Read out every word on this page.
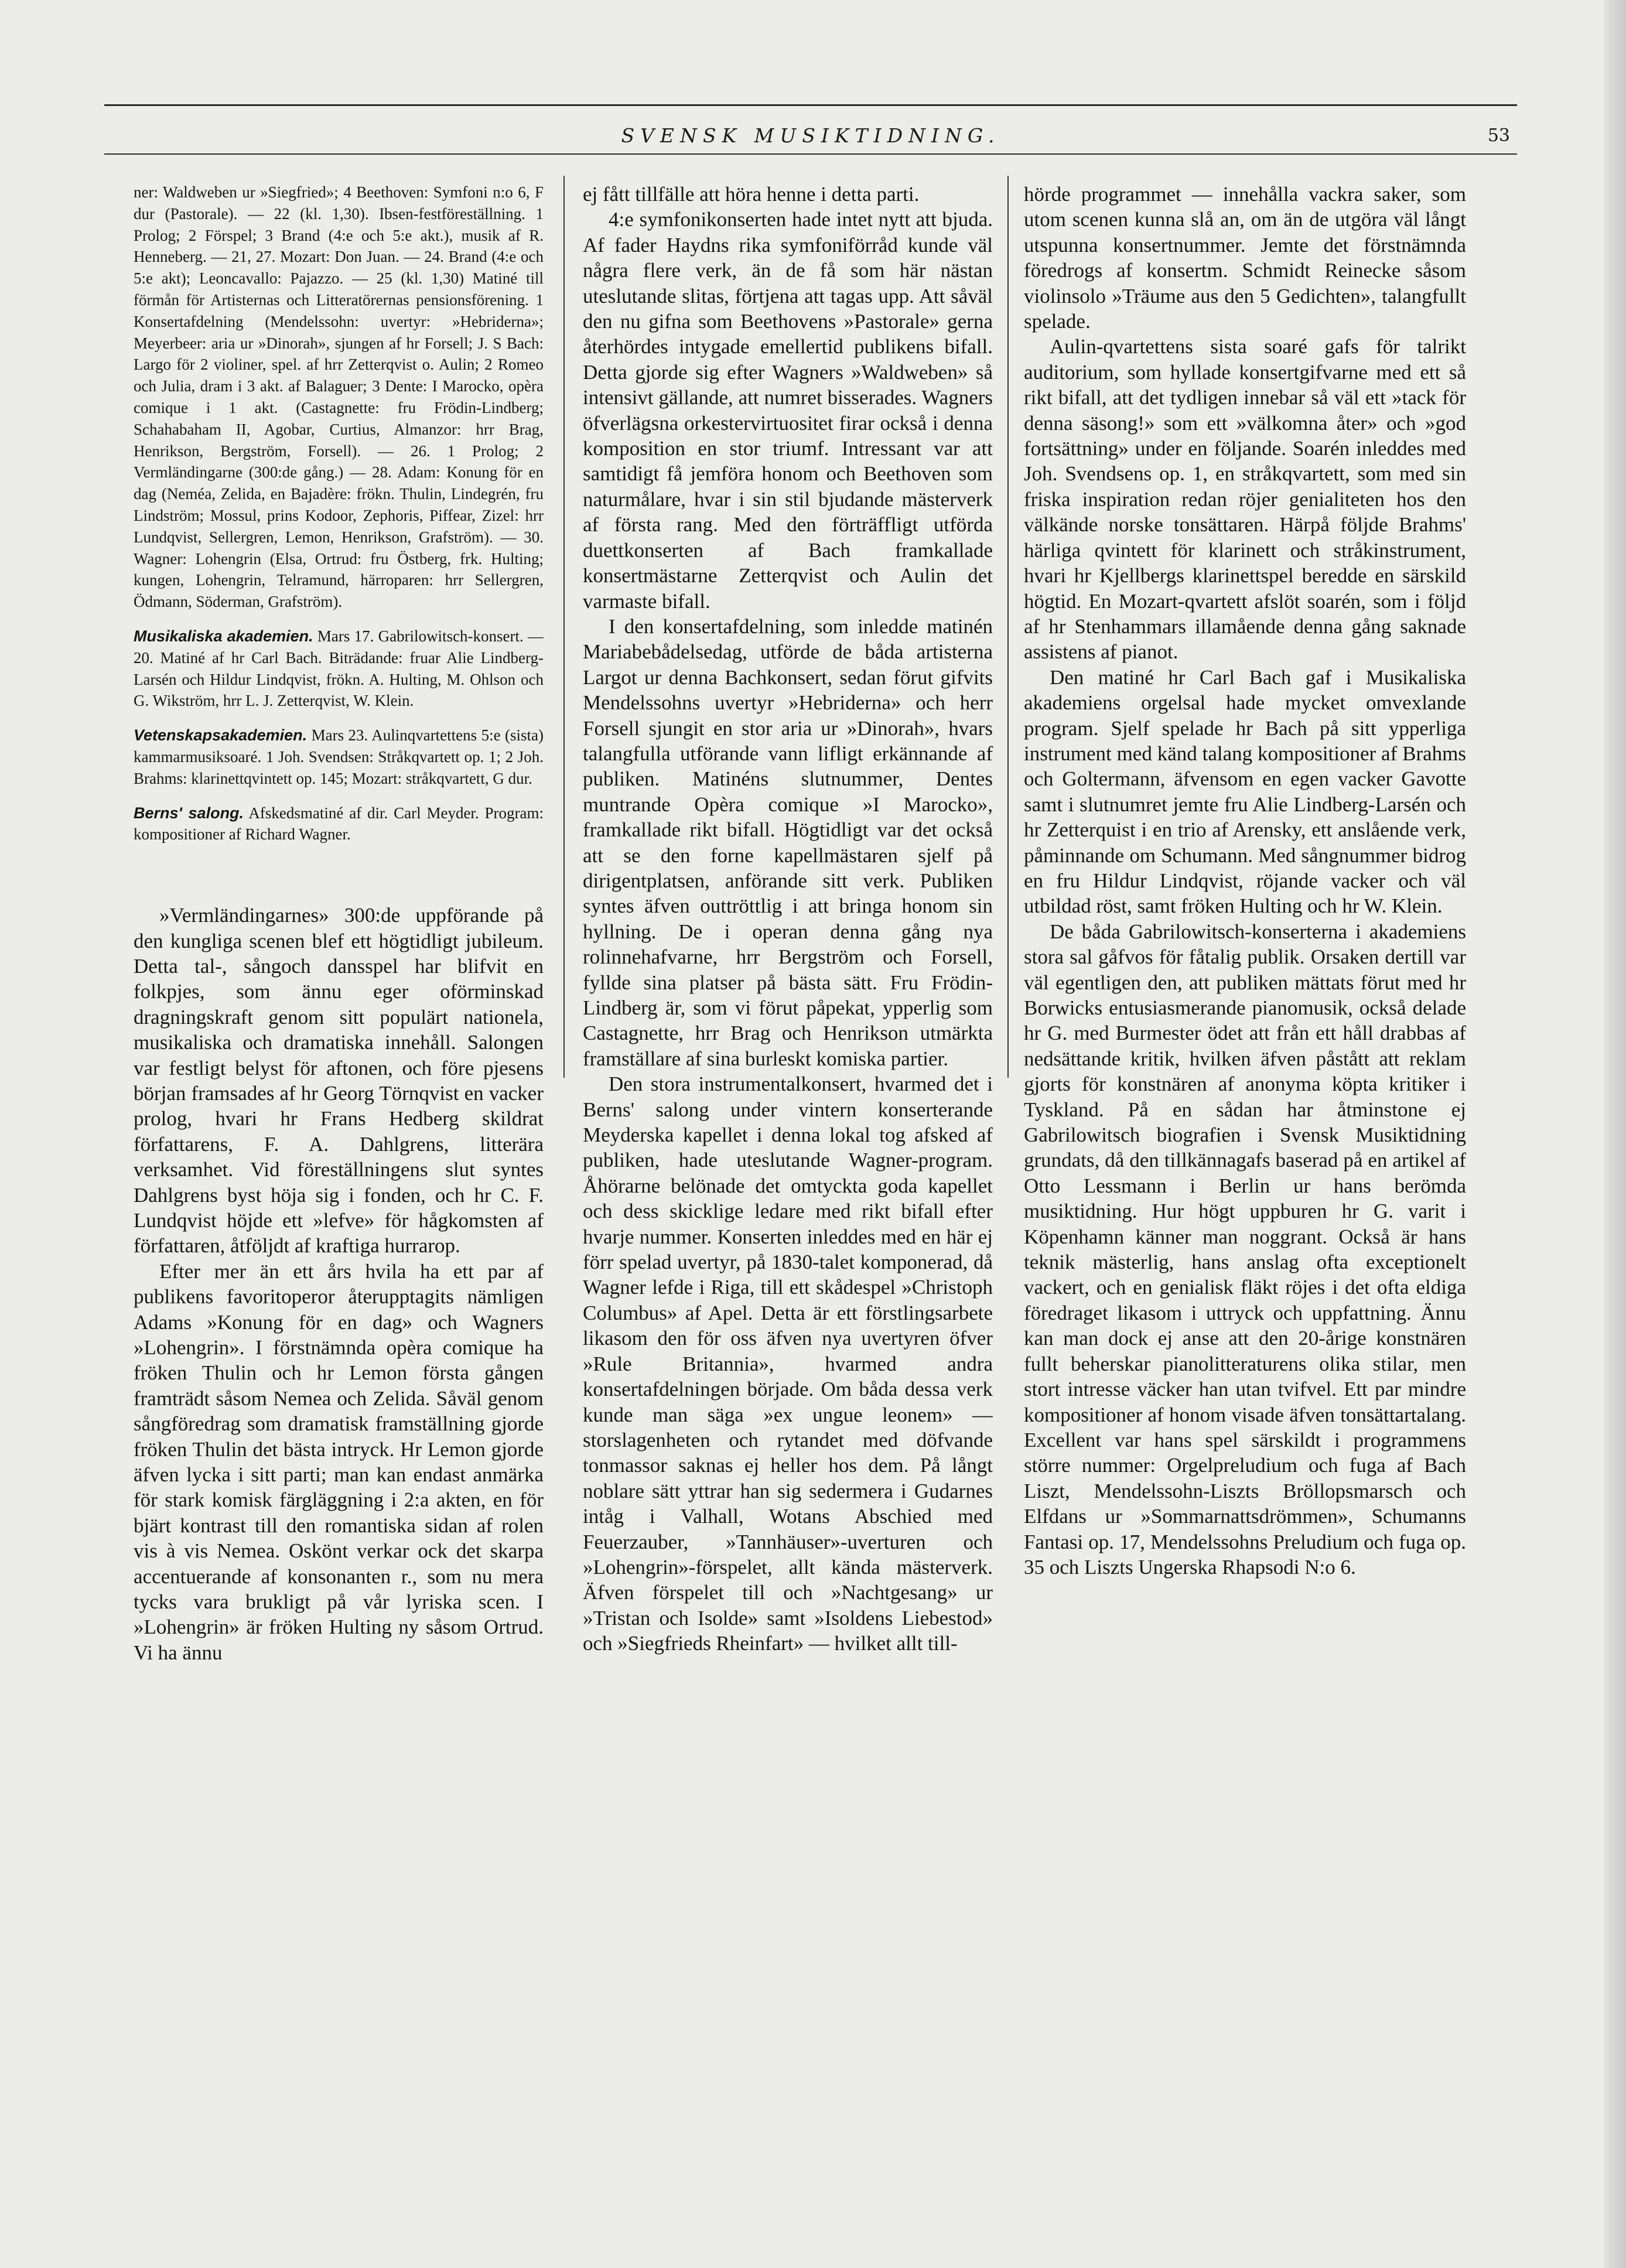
SVENSK MUSIKTIDNING.	53

ner: Waldweben ur »Siegfried»; 4 Beethoven: Symfoni n:o 6, F dur (Pastorale). — 22 (kl. 1,30). Ibsen-festföreställning. 1 Prolog; 2 Förspel; 3 Brand (4:e och 5:e akt.), musik af R. Henneberg. — 21, 27. Mozart: Don Juan. — 24. Brand (4:e och 5:e akt); Leoncavallo: Pajazzo. — 25 (kl. 1,30) Matiné till förmån för Artisternas och Litteratörernas pensionsförening. 1 Konsertafdelning (Mendelssohn: uvertyr: »Hebriderna»; Meyerbeer: aria ur »Dinorah», sjungen af hr Forsell; J. S Bach: Largo för 2 violiner, spel. af hrr Zetterqvist o. Aulin; 2 Romeo och Julia, dram i 3 akt. af Balaguer; 3 Dente: I Marocko, opèra comique i 1 akt. (Castagnette: fru Frödin-Lindberg; Schahabaham II, Agobar, Curtius, Almanzor: hrr Brag, Henrikson, Bergström, Forsell). — 26. 1 Prolog; 2 Vermländingarne (300:de gång.) — 28. Adam: Konung för en dag (Neméa, Zelida, en Bajadère: frökn. Thulin, Lindegrén, fru Lindström; Mossul, prins Kodoor, Zephoris, Piffear, Zizel: hrr Lundqvist, Sellergren, Lemon, Henrikson, Grafström). — 30. Wagner: Lohengrin (Elsa, Ortrud: fru Östberg, frk. Hulting; kungen, Lohengrin, Telramund, härroparen: hrr Sellergren, Ödmann, Söderman, Grafström).

Musikaliska akademien. Mars 17. Gabrilowitsch-konsert. — 20. Matiné af hr Carl Bach. Biträdande: fruar Alie Lindberg-Larsén och Hildur Lindqvist, frökn. A. Hulting, M. Ohlson och G. Wikström, hrr L. J. Zetterqvist, W. Klein.

Vetenskapsakademien. Mars 23. Aulinqvartettens 5:e (sista) kammarmusiksoaré. 1 Joh. Svendsen: Stråkqvartett op. 1; 2 Joh. Brahms: klarinettqvintett op. 145; Mozart: stråkqvartett, G dur.

Berns' salong. Afskedsmatiné af dir. Carl Meyder. Program: kompositioner af Richard Wagner.

»Vermländingarnes» 300:de uppförande på den kungliga scenen blef ett högtidligt jubileum. Detta tal-, sångoch dansspel har blifvit en folkpjes, som ännu eger oförminskad dragningskraft genom sitt populärt nationela, musikaliska och dramatiska innehåll. Salongen var festligt belyst för aftonen, och före pjesens början framsades af hr Georg Törnqvist en vacker prolog, hvari hr Frans Hedberg skildrat författarens, F. A. Dahlgrens, litterära verksamhet. Vid föreställningens slut syntes Dahlgrens byst höja sig i fonden, och hr C. F. Lundqvist höjde ett »lefve» för hågkomsten af författaren, åtföljdt af kraftiga hurrarop.

Efter mer än ett års hvila ha ett par af publikens favoritoperor återupptagits nämligen Adams »Konung för en dag» och Wagners »Lohengrin». I förstnämnda opèra comique ha fröken Thulin och hr Lemon första gången framträdt såsom Nemea och Zelida. Såväl genom sångföredrag som dramatisk framställning gjorde fröken Thulin det bästa intryck. Hr Lemon gjorde äfven lycka i sitt parti; man kan endast anmärka för stark komisk färgläggning i 2:a akten, en för bjärt kontrast till den romantiska sidan af rolen vis à vis Nemea. Oskönt verkar ock det skarpa accentuerande af konsonanten r., som nu mera tycks vara brukligt på vår lyriska scen. I »Lohengrin» är fröken Hulting ny såsom Ortrud. Vi ha ännu

ej fått tillfälle att höra henne i detta parti.

4:e symfonikonserten hade intet nytt att bjuda. Af fader Haydns rika symfoniförråd kunde väl några flere verk, än de få som här nästan uteslutande slitas, förtjena att tagas upp. Att såväl den nu gifna som Beethovens »Pastorale» gerna återhördes intygade emellertid publikens bifall. Detta gjorde sig efter Wagners »Waldweben» så intensivt gällande, att numret bisserades. Wagners öfverlägsna orkestervirtuositet firar också i denna komposition en stor triumf. Intressant var att samtidigt få jemföra honom och Beethoven som naturmålare, hvar i sin stil bjudande mästerverk af första rang. Med den förträffligt utförda duettkonserten af Bach framkallade konsertmästarne Zetterqvist och Aulin det varmaste bifall.

I den konsertafdelning, som inledde matinén Mariabebådelsedag, utförde de båda artisterna Largot ur denna Bachkonsert, sedan förut gifvits Mendelssohns uvertyr »Hebriderna» och herr Forsell sjungit en stor aria ur »Dinorah», hvars talangfulla utförande vann lifligt erkännande af publiken. Matinéns slutnummer, Dentes muntrande Opèra comique »I Marocko», framkallade rikt bifall. Högtidligt var det också att se den forne kapellmästaren sjelf på dirigentplatsen, anförande sitt verk. Publiken syntes äfven outtröttlig i att bringa honom sin hyllning. De i operan denna gång nya rolinnehafvarne, hrr Bergström och Forsell, fyllde sina platser på bästa sätt. Fru Frödin-Lindberg är, som vi förut påpekat, ypperlig som Castagnette, hrr Brag och Henrikson utmärkta framställare af sina burleskt komiska partier.

Den stora instrumentalkonsert, hvarmed det i Berns' salong under vintern konserterande Meyderska kapellet i denna lokal tog afsked af publiken, hade uteslutande Wagner-program. Åhörarne belönade det omtyckta goda kapellet och dess skicklige ledare med rikt bifall efter hvarje nummer. Konserten inleddes med en här ej förr spelad uvertyr, på 1830-talet komponerad, då Wagner lefde i Riga, till ett skådespel »Christoph Columbus» af Apel. Detta är ett förstlingsarbete likasom den för oss äfven nya uvertyren öfver »Rule Britannia», hvarmed andra konsertafdelningen började. Om båda dessa verk kunde man säga »ex ungue leonem» — storslagenheten och rytandet med döfvande tonmassor saknas ej heller hos dem. På långt noblare sätt yttrar han sig sedermera i Gudarnes intåg i Valhall, Wotans Abschied med Feuerzauber, »Tannhäuser»-uverturen och »Lohengrin»-förspelet, allt kända mästerverk. Äfven förspelet till och »Nachtgesang» ur »Tristan och Isolde» samt »Isoldens Liebestod» och »Siegfrieds Rheinfart» — hvilket allt till-

hörde programmet — innehålla vackra saker, som utom scenen kunna slå an, om än de utgöra väl långt utspunna konsertnummer. Jemte det förstnämnda föredrogs af konsertm. Schmidt Reinecke såsom violinsolo »Träume aus den 5 Gedichten», talangfullt spelade.

Aulin-qvartettens sista soaré gafs för talrikt auditorium, som hyllade konsertgifvarne med ett så rikt bifall, att det tydligen innebar så väl ett »tack för denna säsong!» som ett »välkomna åter» och »god fortsättning» under en följande. Soarén inleddes med Joh. Svendsens op. 1, en stråkqvartett, som med sin friska inspiration redan röjer genialiteten hos den välkände norske tonsättaren. Härpå följde Brahms' härliga qvintett för klarinett och stråkinstrument, hvari hr Kjellbergs klarinettspel beredde en särskild högtid. En Mozart-qvartett afslöt soarén, som i följd af hr Stenhammars illamående denna gång saknade assistens af pianot.

Den matiné hr Carl Bach gaf i Musikaliska akademiens orgelsal hade mycket omvexlande program. Sjelf spelade hr Bach på sitt ypperliga instrument med känd talang kompositioner af Brahms och Goltermann, äfvensom en egen vacker Gavotte samt i slutnumret jemte fru Alie Lindberg-Larsén och hr Zetterquist i en trio af Arensky, ett anslående verk, påminnande om Schumann. Med sångnummer bidrog en fru Hildur Lindqvist, röjande vacker och väl utbildad röst, samt fröken Hulting och hr W. Klein.

De båda Gabrilowitsch-konserterna i akademiens stora sal gåfvos för fåtalig publik. Orsaken dertill var väl egentligen den, att publiken mättats förut med hr Borwicks entusiasmerande pianomusik, också delade hr G. med Burmester ödet att från ett håll drabbas af nedsättande kritik, hvilken äfven påstått att reklam gjorts för konstnären af anonyma köpta kritiker i Tyskland. På en sådan har åtminstone ej Gabrilowitsch biografien i Svensk Musiktidning grundats, då den tillkännagafs baserad på en artikel af Otto Lessmann i Berlin ur hans berömda musiktidning. Hur högt uppburen hr G. varit i Köpenhamn känner man noggrant. Också är hans teknik mästerlig, hans anslag ofta exceptionelt vackert, och en genialisk fläkt röjes i det ofta eldiga föredraget likasom i uttryck och uppfattning. Ännu kan man dock ej anse att den 20-årige konstnären fullt beherskar pianolitteraturens olika stilar, men stort intresse väcker han utan tvifvel. Ett par mindre kompositioner af honom visade äfven tonsättartalang. Excellent var hans spel särskildt i programmens större nummer: Orgelpreludium och fuga af Bach Liszt, Mendelssohn-Liszts Bröllopsmarsch och Elfdans ur »Sommarnattsdrömmen», Schumanns Fantasi op. 17, Mendelssohns Preludium och fuga op. 35 och Liszts Ungerska Rhapsodi N:o 6.
